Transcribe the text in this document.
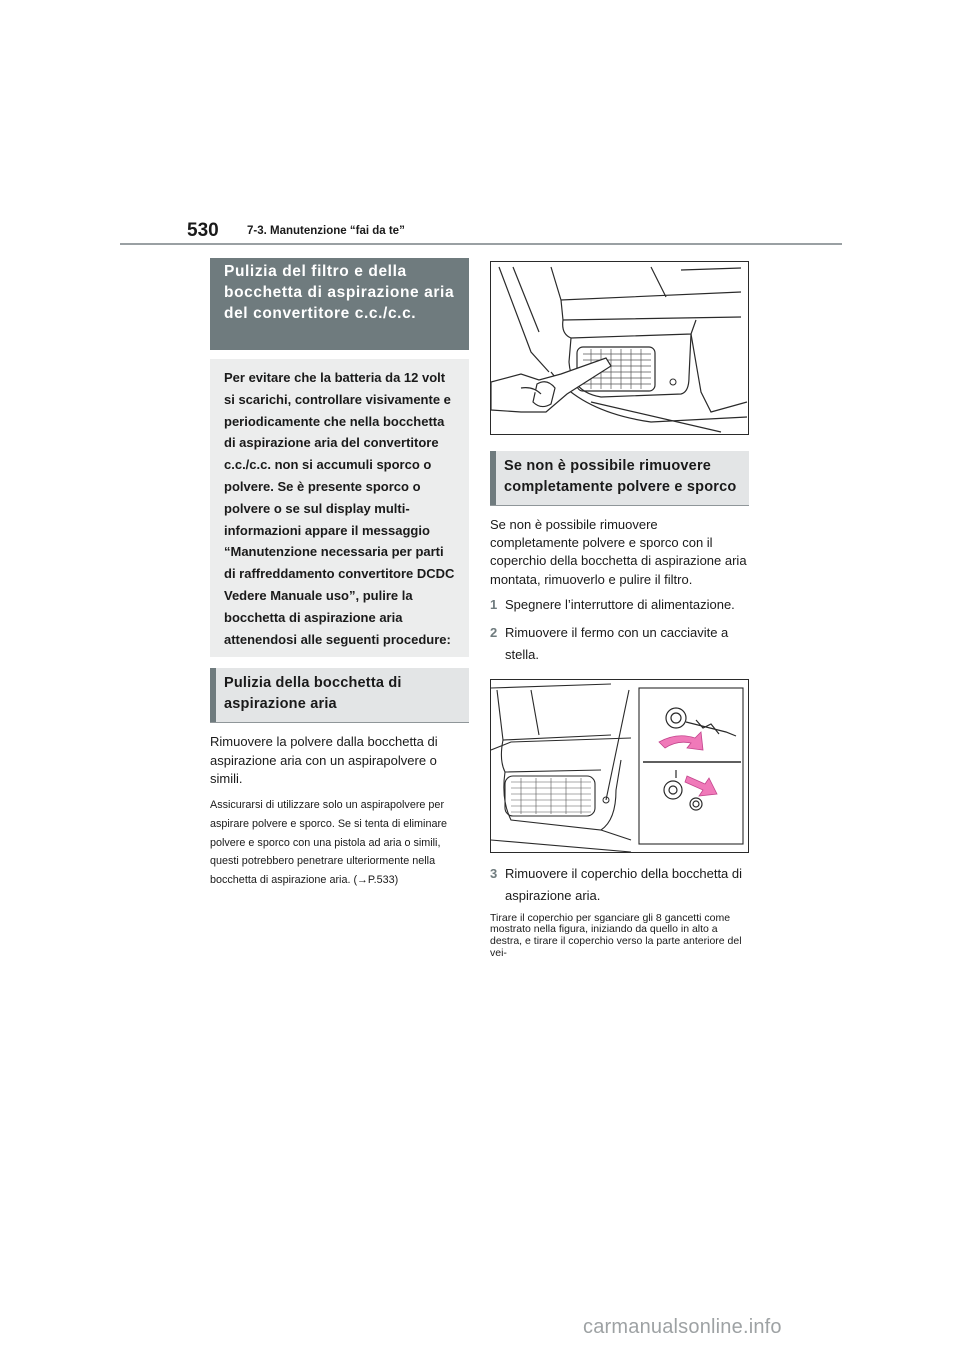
530 7-3. Manutenzione “fai da te”
Pulizia del filtro e della bocchetta di aspirazione aria del convertitore c.c./c.c.
Per evitare che la batteria da 12 volt si scarichi, controllare visivamente e periodicamente che nella bocchetta di aspirazione aria del convertitore c.c./c.c. non si accumuli sporco o polvere. Se è presente sporco o polvere o se sul display multi-informazioni appare il messaggio “Manutenzione necessaria per parti di raffreddamento convertitore DCDC Vedere Manuale uso”, pulire la bocchetta di aspirazione aria attenendosi alle seguenti procedure:
Pulizia della bocchetta di aspirazione aria

Rimuovere la polvere dalla bocchetta di aspirazione aria con un aspirapolvere o simili.

Assicurarsi di utilizzare solo un aspirapolvere per aspirare polvere e sporco. Se si tenta di eliminare polvere e sporco con una pistola ad aria o simili, questi potrebbero penetrare ulteriormente nella bocchetta di aspirazione aria. (→P.533)

Se non è possibile rimuovere completamente polvere e sporco

Se non è possibile rimuovere completamente polvere e sporco con il coperchio della bocchetta di aspirazione aria montata, rimuoverlo e pulire il filtro.

1 Spegnere l’interruttore di alimentazione.
2 Rimuovere il fermo con un cacciavite a stella.
3 Rimuovere il coperchio della bocchetta di aspirazione aria.

Tirare il coperchio per sganciare gli 8 gancetti come mostrato nella figura, iniziando da quello in alto a destra, e tirare il coperchio verso la parte anteriore del vei-

carmanualsonline.info
